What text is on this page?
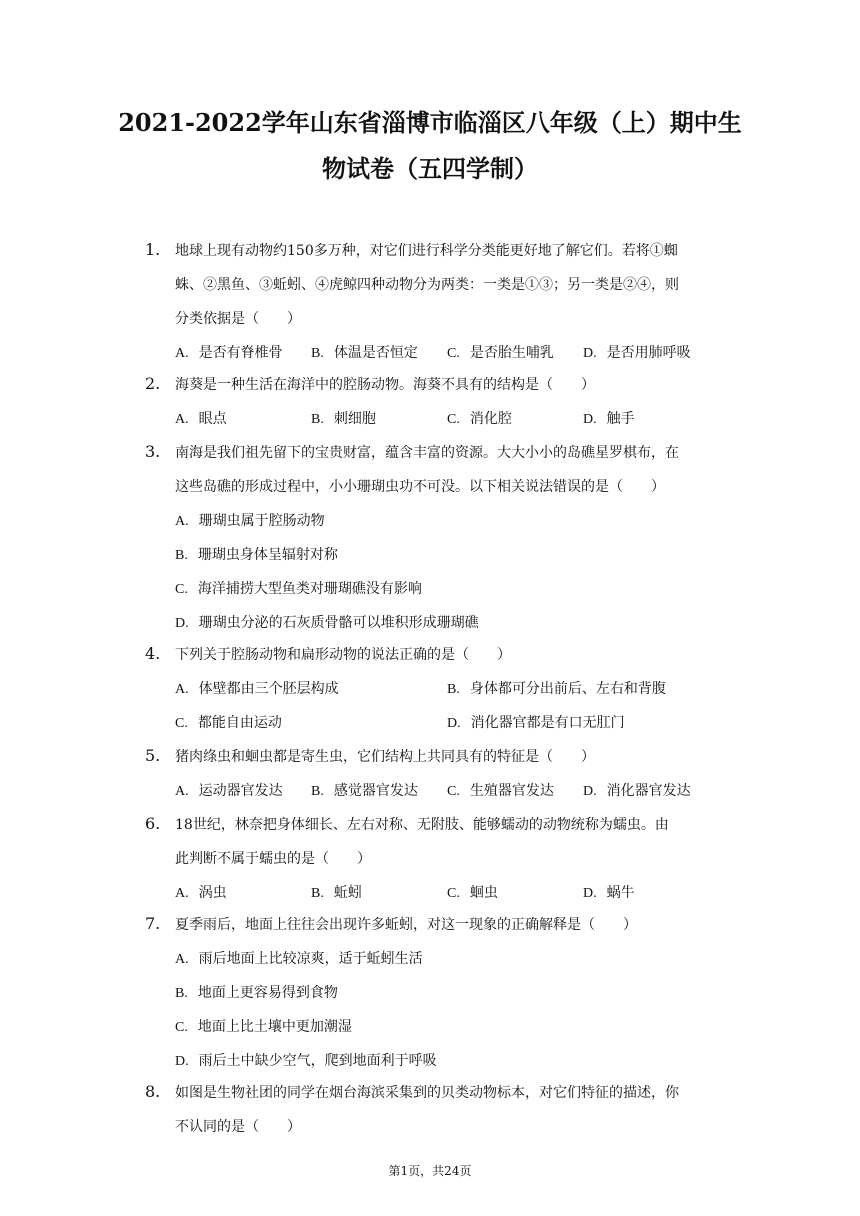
2021-2022学年山东省淄博市临淄区八年级（上）期中生
物试卷（五四学制）
1. 地球上现有动物约150多万种，对它们进行科学分类能更好地了解它们。若将①蜘
蛛、②黑鱼、③蚯蚓、④虎鲸四种动物分为两类：一类是①③；另一类是②④，则
分类依据是（　　）
A. 是否有脊椎骨 B. 体温是否恒定 C. 是否胎生哺乳 D. 是否用肺呼吸
2. 海葵是一种生活在海洋中的腔肠动物。海葵不具有的结构是（　　）
A. 眼点	B. 刺细胞	C. 消化腔	D. 触手
3. 南海是我们祖先留下的宝贵财富，蕴含丰富的资源。大大小小的岛礁星罗棋布，在
这些岛礁的形成过程中，小小珊瑚虫功不可没。以下相关说法错误的是（　　）
A. 珊瑚虫属于腔肠动物
B. 珊瑚虫身体呈辐射对称
C. 海洋捕捞大型鱼类对珊瑚礁没有影响
D. 珊瑚虫分泌的石灰质骨骼可以堆积形成珊瑚礁
4. 下列关于腔肠动物和扁形动物的说法正确的是（　　）
A. 体壁都由三个胚层构成	B. 身体都可分出前后、左右和背腹
C. 都能自由运动	D. 消化器官都是有口无肛门
5. 猪肉绦虫和蛔虫都是寄生虫，它们结构上共同具有的特征是（　　）
A. 运动器官发达 B. 感觉器官发达 C. 生殖器官发达 D. 消化器官发达
6. 18世纪，林奈把身体细长、左右对称、无附肢、能够蠕动的动物统称为蠕虫。由
此判断不属于蠕虫的是（　　）
A. 涡虫	B. 蚯蚓	C. 蛔虫	D. 蜗牛
7. 夏季雨后，地面上往往会出现许多蚯蚓，对这一现象的正确解释是（　　）
A. 雨后地面上比较凉爽，适于蚯蚓生活
B. 地面上更容易得到食物
C. 地面上比土壤中更加潮湿
D. 雨后土中缺少空气，爬到地面利于呼吸
8. 如图是生物社团的同学在烟台海滨采集到的贝类动物标本，对它们特征的描述，你
不认同的是（　　）
第1页，共24页
